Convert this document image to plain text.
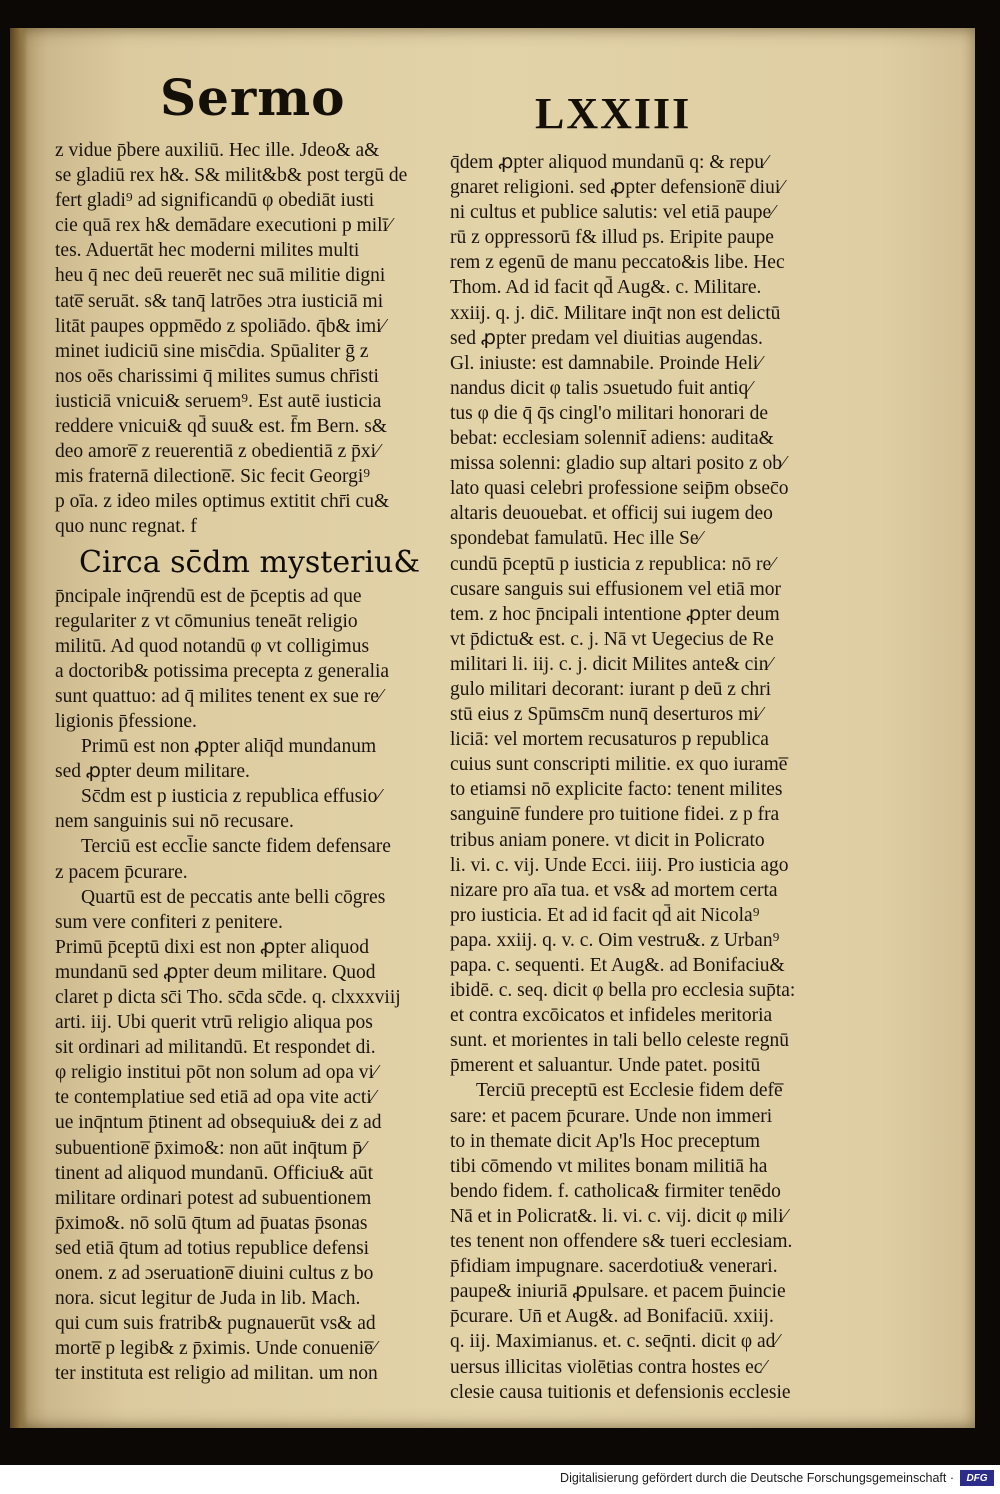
Sermo	LXXIII
z vidue p̄bere auxiliū. Hec ille. Jdeo& a&
se gladiū rex h&. S& milit&b& post tergū de
fert gladi⁹ ad significandū φ obediāt iusti
cie quā rex h& demādare executioni p milī⁄
tes. Aduertāt hec moderni milites multi
heu q̄ nec deū reuerēt nec suā militie digni
tate̅ seruāt. s& tanq̄ latrōes ɔtra iusticiā mi
litāt paupes oppmēdo z spoliādo. q̄b& imi⁄
minet iudiciū sine misc̄dia. Spūaliter ḡ z
nos oēs charissimi q̄ milites sumus chr̄isti
iusticiā vnicui& seruem⁹. Est autē iusticia
reddere vnicui& qd̄ suu& est. f̄m Bern. s&
deo amore̅ z reuerentiā z obedientiā z p̄xi⁄
mis fraternā dilectione̅. Sic fecit Georgi⁹
p oīa. z ideo miles optimus extitit chr̄i cu&
quo nunc regnat. f
Circa sc̄dm mysteriu&
p̄ncipale inq̄rendū est de p̄ceptis ad que
regulariter z vt cōmunius teneāt religio
militū. Ad quod notandū φ vt colligimus
a doctorib& potissima precepta z generalia
sunt quattuo: ad q̄ milites tenent ex sue re⁄
ligionis p̄fessione.
Primū est non ꝓpter aliq̄d mundanum
sed ꝓpter deum militare.
Sc̄dm est p iusticia z republica effusio⁄
nem sanguinis sui nō recusare.
Terciū est eccl̄ie sancte fidem defensare
z pacem p̄curare.
Quartū est de peccatis ante belli cōgres
sum vere confiteri z penitere.
Primū p̄ceptū dixi est non ꝓpter aliquod
mundanū sed ꝓpter deum militare. Quod
claret p dicta sc̄i Tho. sc̄da sc̄de. q. clxxxviij
arti. iij. Ubi querit vtrū religio aliqua pos
sit ordinari ad militandū. Et respondet di.
φ religio institui pōt non solum ad opa vi⁄
te contemplatiue sed etiā ad opa vite acti⁄
ue inq̄ntum p̄tinent ad obsequiu& dei z ad
subuentione̅ p̄ximo&: non aūt inq̄tum p̄⁄
tinent ad aliquod mundanū. Officiu& aūt
militare ordinari potest ad subuentionem
p̄ximo&. nō solū q̄tum ad p̄uatas p̄sonas
sed etiā q̄tum ad totius republice defensi
onem. z ad ɔseruatione̅ diuini cultus z bo
nora. sicut legitur de Juda in lib. Mach.
qui cum suis fratrib& pugnauerūt vs& ad
morte̅ p legib& z p̄ximis. Unde conuenie̅⁄
ter instituta est religio ad militan. um non
q̄dem ꝓpter aliquod mundanū q: & repu⁄
gnaret religioni. sed ꝓpter defensione̅ diui⁄
ni cultus et publice salutis: vel etiā paupe⁄
rū z oppressorū f& illud ps. Eripite paupe
rem z egenū de manu peccato&is libe. Hec
Thom. Ad id facit qd̄ Aug&. c. Militare.
xxiij. q. j. dic̄. Militare inq̄t non est delictū
sed ꝓpter predam vel diuitias augendas.
Gl. iniuste: est damnabile. Proinde Heli⁄
nandus dicit φ talis ɔsuetudo fuit antiq⁄
tus φ die q̄ q̄s cingl'o militari honorari de
bebat: ecclesiam solennit̄ adiens: audita&
missa solenni: gladio sup altari posito z ob⁄
lato quasi celebri professione seip̄m obsec̄o
altaris deuouebat. et officij sui iugem deo
spondebat famulatū. Hec ille Se⁄
cundū p̄ceptū p iusticia z republica: nō re⁄
cusare sanguis sui effusionem vel etiā mor
tem. z hoc p̄ncipali intentione ꝓpter deum
vt p̄dictu& est. c. j. Nā vt Uegecius de Re
militari li. iij. c. j. dicit Milites ante& cin⁄
gulo militari decorant: iurant p deū z chri
stū eius z Spūmsc̄m nunq̄ deserturos mi⁄
liciā: vel mortem recusaturos p republica
cuius sunt conscripti militie. ex quo iurame̅
to etiamsi nō explicite facto: tenent milites
sanguine̅ fundere pro tuitione fidei. z p fra
tribus aniam ponere. vt dicit in Policrato
li. vi. c. vij. Unde Ecci. iiij. Pro iusticia ago
nizare pro aīa tua. et vs& ad mortem certa
pro iusticia. Et ad id facit qd̄ ait Nicola⁹
papa. xxiij. q. v. c. Oim vestru&. z Urban⁹
papa. c. sequenti. Et Aug&. ad Bonifaciu&
ibidē. c. seq. dicit φ bella pro ecclesia sup̄ta:
et contra excōicatos et infideles meritoria
sunt. et morientes in tali bello celeste regnū
p̄merent et saluantur. Unde patet. positū
Terciū preceptū est Ecclesie fidem defe̅
sare: et pacem p̄curare. Unde non immeri
to in themate dicit Ap'ls Hoc preceptum
tibi cōmendo vt milites bonam militiā ha
bendo fidem. f. catholica& firmiter tenēdo
Nā et in Policrat&. li. vi. c. vij. dicit φ mili⁄
tes tenent non offendere s& tueri ecclesiam.
p̄fidiam impugnare. sacerdotiu& venerari.
paupe& iniuriā ꝓpulsare. et pacem p̄uincie
p̄curare. Un̄ et Aug&. ad Bonifaciū. xxiij.
q. iij. Maximianus. et. c. seq̄nti. dicit φ ad⁄
uersus illicitas violētias contra hostes ec⁄
clesie causa tuitionis et defensionis ecclesie
Digitalisierung gefördert durch die Deutsche Forschungsgemeinschaft ·	DFG
